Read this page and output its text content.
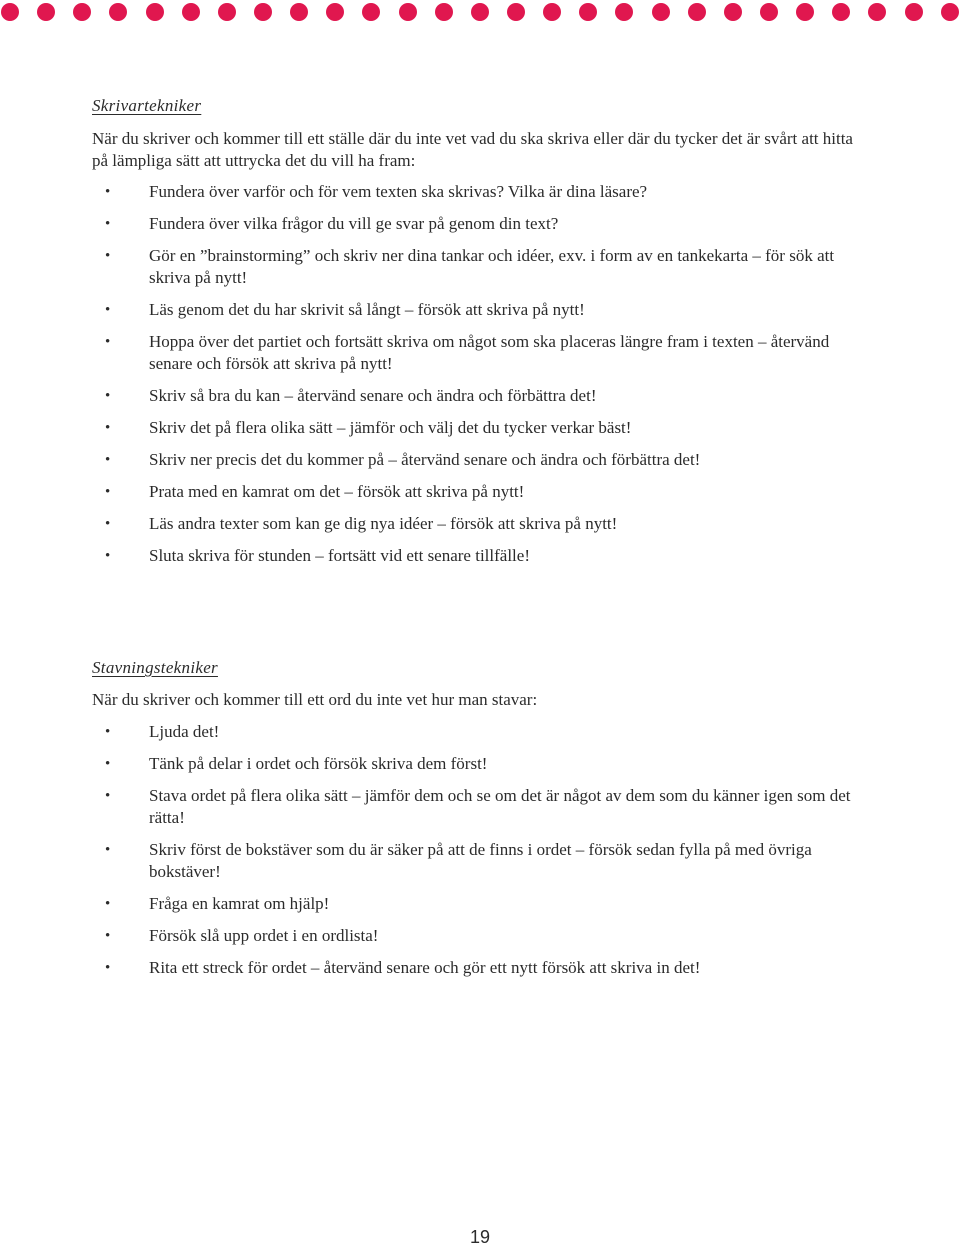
Skrivartekniker
När du skriver och kommer till ett ställe där du inte vet vad du ska skriva eller där du tycker det är svårt att hitta på lämpliga sätt att uttrycka det du vill ha fram:
• Fundera över varför och för vem texten ska skrivas? Vilka är dina läsare?
• Fundera över vilka frågor du vill ge svar på genom din text?
• Gör en ”brainstorming” och skriv ner dina tankar och idéer, exv. i form av en tankekarta – för sök att skriva på nytt!
• Läs genom det du har skrivit så långt – försök att skriva på nytt!
• Hoppa över det partiet och fortsätt skriva om något som ska placeras längre fram i texten – återvänd senare och försök att skriva på nytt!
• Skriv så bra du kan – återvänd senare och ändra och förbättra det!
• Skriv det på flera olika sätt – jämför och välj det du tycker verkar bäst!
• Skriv ner precis det du kommer på – återvänd senare och ändra och förbättra det!
• Prata med en kamrat om det – försök att skriva på nytt!
• Läs andra texter som kan ge dig nya idéer – försök att skriva på nytt!
• Sluta skriva för stunden – fortsätt vid ett senare tillfälle!
Stavningstekniker
När du skriver och kommer till ett ord du inte vet hur man stavar:
• Ljuda det!
• Tänk på delar i ordet och försök skriva dem först!
• Stava ordet på flera olika sätt – jämför dem och se om det är något av dem som du känner igen som det rätta!
• Skriv först de bokstäver som du är säker på att de finns i ordet – försök sedan fylla på med övriga bokstäver!
• Fråga en kamrat om hjälp!
• Försök slå upp ordet i en ordlista!
• Rita ett streck för ordet – återvänd senare och gör ett nytt försök att skriva in det!
19
